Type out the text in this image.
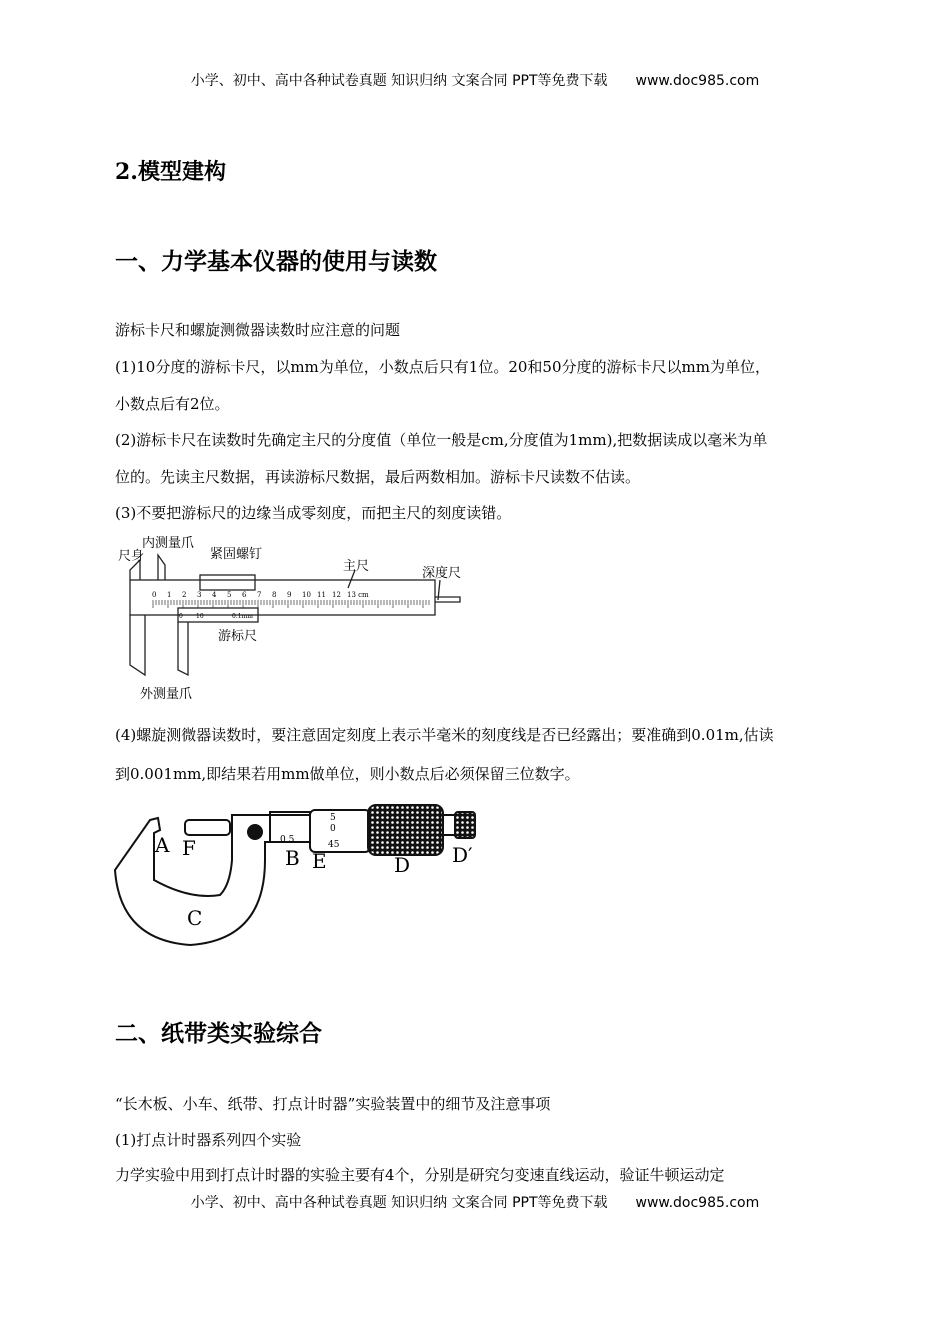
小学、初中、高中各种试卷真题 知识归纳 文案合同 PPT等免费下载 www.doc985.com
2.模型建构
一、力学基本仪器的使用与读数
游标卡尺和螺旋测微器读数时应注意的问题
(1)10分度的游标卡尺，以mm为单位，小数点后只有1位。20和50分度的游标卡尺以mm为单位，
小数点后有2位。
(2)游标卡尺在读数时先确定主尺的分度值（单位一般是cm,分度值为1mm),把数据读成以毫米为单
位的。先读主尺数据，再读游标尺数据，最后两数相加。游标卡尺读数不估读。
(3)不要把游标尺的边缘当成零刻度，而把主尺的刻度读错。
尺身
内测量爪
紧固螺钉
主尺	深度尺
游标尺
外测量爪
0 1 2 3 4 5 6 7 8 9 10 11 12 13 cm
0 10	0.1mm
(4)螺旋测微器读数时，要注意固定刻度上表示半毫米的刻度线是否已经露出；要准确到0.01m,估读
到0.001mm,即结果若用mm做单位，则小数点后必须保留三位数字。
A F	B E	D D′
C
0 5
5
0
45
二、纸带类实验综合
“长木板、小车、纸带、打点计时器”实验装置中的细节及注意事项
(1)打点计时器系列四个实验
力学实验中用到打点计时器的实验主要有4个，分别是研究匀变速直线运动，验证牛顿运动定
小学、初中、高中各种试卷真题 知识归纳 文案合同 PPT等免费下载 www.doc985.com
